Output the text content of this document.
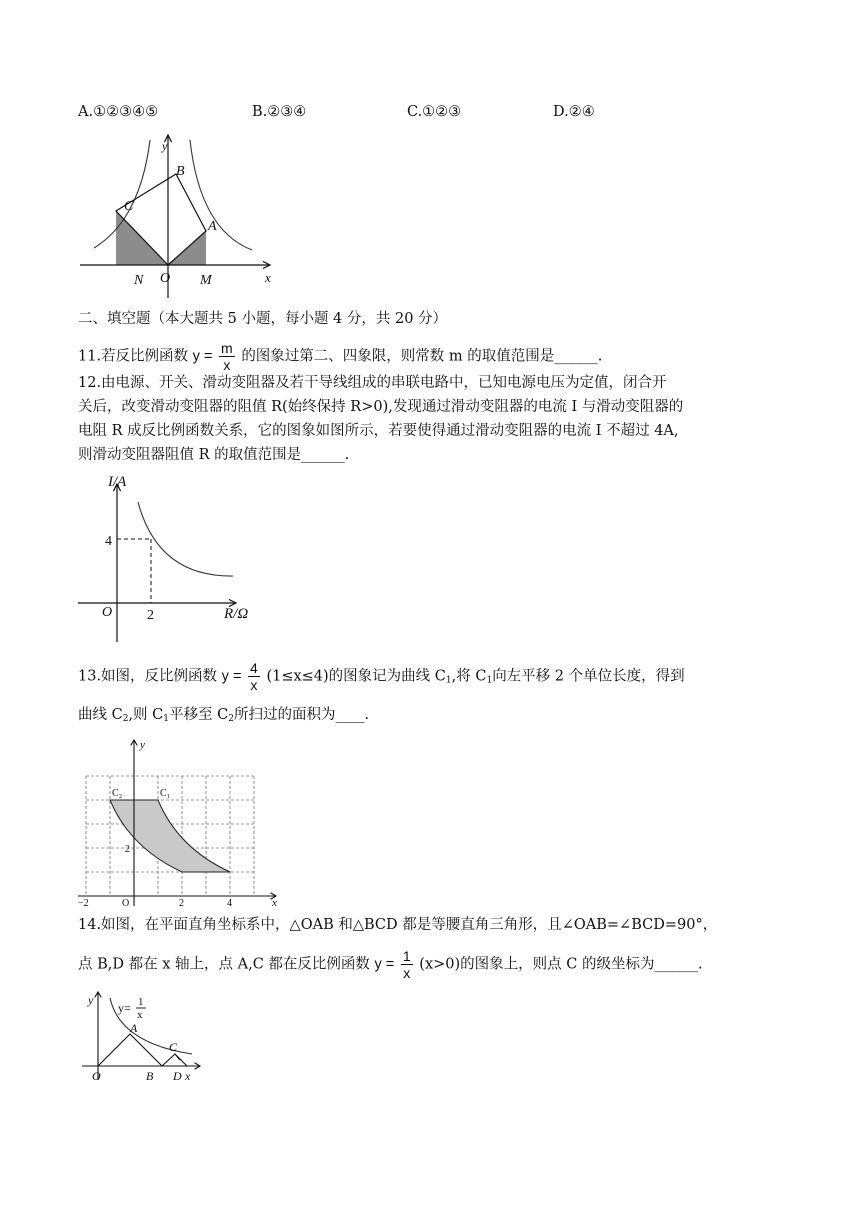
A.①②③④⑤	B.②③④	C.①②③	D.②④
y
B
C
A
N O M	x
二、填空题（本大题共 5 小题，每小题 4 分，共 20 分）
11.若反比例函数 $y = \frac{m}{x}$ 的图象过第二、四象限，则常数 m 的取值范围是______.
12.由电源、开关、滑动变阻器及若干导线组成的串联电路中，已知电源电压为定值，闭合开
关后，改变滑动变阻器的阻值 R(始终保持 R>0),发现通过滑动变阻器的电流 I 与滑动变阻器的
电阻 R 成反比例函数关系，它的图象如图所示，若要使得通过滑动变阻器的电流 I 不超过 4A,
则滑动变阻器阻值 R 的取值范围是______.
I/A
R/Ω
O
4
2
13.如图，反比例函数 $y = \frac{4}{x} (1\le x\le 4)$的图象记为曲线 $C_1$,将 $C_1$向左平移 2 个单位长度，得到
曲线 $C_2$,则 $C_1$平移至 $C_2$所扫过的面积为____.
y
x
C₂	C₁
−2	O	2	4
2
14.如图，在平面直角坐标系中，△OAB 和△BCD 都是等腰直角三角形，且∠OAB=∠BCD=90°，
点 B,D 都在 x 轴上，点 A,C 都在反比例函数 $y = \frac{1}{x} (x>0)$的图象上，则点 C 的级坐标为______.
y
y= 1
x
A
C
B D
O	x
